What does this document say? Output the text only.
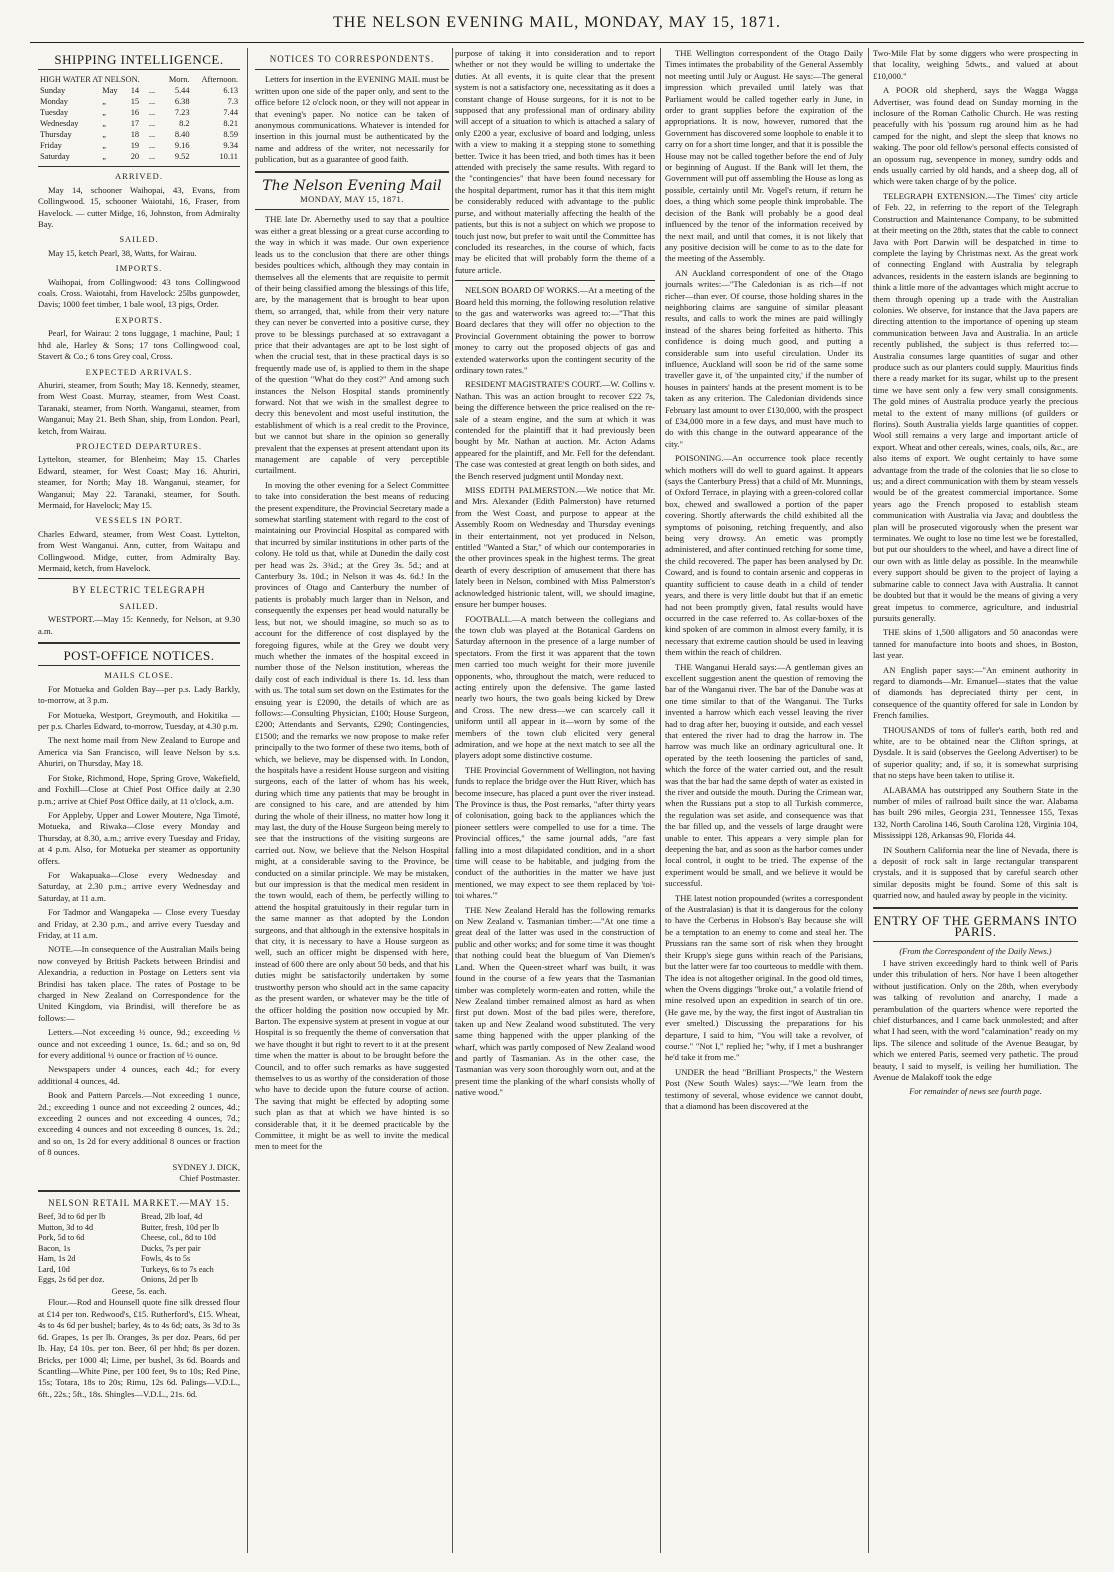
THE NELSON EVENING MAIL, MONDAY, MAY 15, 1871.
SHIPPING INTELLIGENCE.
HIGH WATER AT NELSON.				Morn.	Afternoon.
Sunday	May	14	...	5.44	6.13
Monday	„	15	...	6.38	7.3
Tuesday	„	16	...	7.23	7.44
Wednesday	„	17	...	8.2	8.21
Thursday	„	18	...	8.40	8.59
Friday	„	19	...	9.16	9.34
Saturday	„	20	...	9.52	10.11
ARRIVED.

May 14, schooner Waihopai, 43, Evans, from Collingwood. 15, schooner Waiotahi, 16, Fraser, from Havelock. — cutter Midge, 16, Johnston, from Admiralty Bay.

SAILED.

May 15, ketch Pearl, 38, Watts, for Wairau.

IMPORTS.

Waihopai, from Collingwood: 43 tons Collingwood coals. Cross. Waiotahi, from Havelock: 25lbs gunpowder, Davis; 1000 feet timber, 1 bale wool, 13 pigs, Order.

EXPORTS.

Pearl, for Wairau: 2 tons luggage, 1 machine, Paul; 1 hhd ale, Harley & Sons; 17 tons Collingwood coal, Stavert & Co.; 6 tons Grey coal, Cross.

EXPECTED ARRIVALS.

Ahuriri, steamer, from South; May 18. Kennedy, steamer, from West Coast. Murray, steamer, from West Coast. Taranaki, steamer, from North. Wanganui, steamer, from Wanganui; May 21. Beth Shan, ship, from London. Pearl, ketch, from Wairau.

PROJECTED DEPARTURES.

Lyttelton, steamer, for Blenheim; May 15. Charles Edward, steamer, for West Coast; May 16. Ahuriri, steamer, for North; May 18. Wanganui, steamer, for Wanganui; May 22. Taranaki, steamer, for South. Mermaid, for Havelock; May 15.

VESSELS IN PORT.

Charles Edward, steamer, from West Coast. Lyttelton, from West Wanganui. Ann, cutter, from Waitapu and Collingwood. Midge, cutter, from Admiralty Bay. Mermaid, ketch, from Havelock.

BY ELECTRIC TELEGRAPH
SAILED.

WESTPORT.—May 15: Kennedy, for Nelson, at 9.30 a.m.

POST-OFFICE NOTICES.
MAILS CLOSE.

For Motueka and Golden Bay—per p.s. Lady Barkly, to-morrow, at 3 p.m.

For Motueka, Westport, Greymouth, and Hokitika — per p.s. Charles Edward, to-morrow, Tuesday, at 4.30 p.m.

The next home mail from New Zealand to Europe and America via San Francisco, will leave Nelson by s.s. Ahuriri, on Thursday, May 18.

For Stoke, Richmond, Hope, Spring Grove, Wakefield, and Foxhill—Close at Chief Post Office daily at 2.30 p.m.; arrive at Chief Post Office daily, at 11 o'clock, a.m.

For Appleby, Upper and Lower Moutere, Nga Timoté, Motueka, and Riwaka—Close every Monday and Thursday, at 8.30, a.m.; arrive every Tuesday and Friday, at 4 p.m. Also, for Motueka per steamer as opportunity offers.

For Wakapuaka—Close every Wednesday and Saturday, at 2.30 p.m.; arrive every Wednesday and Saturday, at 11 a.m.

For Tadmor and Wangapeka — Close every Tuesday and Friday, at 2.30 p.m., and arrive every Tuesday and Friday, at 11 a.m.

NOTE.—In consequence of the Australian Mails being now conveyed by British Packets between Brindisi and Alexandria, a reduction in Postage on Letters sent via Brindisi has taken place. The rates of Postage to be charged in New Zealand on Correspondence for the United Kingdom, via Brindisi, will therefore be as follows:—

Letters.—Not exceeding ½ ounce, 9d.; exceeding ½ ounce and not exceeding 1 ounce, 1s. 6d.; and so on, 9d for every additional ½ ounce or fraction of ½ ounce.

Newspapers under 4 ounces, each 4d.; for every additional 4 ounces, 4d.

Book and Pattern Parcels.—Not exceeding 1 ounce, 2d.; exceeding 1 ounce and not exceeding 2 ounces, 4d.; exceeding 2 ounces and not exceeding 4 ounces, 7d.; exceeding 4 ounces and not exceeding 8 ounces, 1s. 2d.; and so on, 1s 2d for every additional 8 ounces or fraction of 8 ounces.

SYDNEY J. DICK,
Chief Postmaster.
NELSON RETAIL MARKET.—MAY 15.
Beef, 3d to 6d per lb
Mutton, 3d to 4d
Pork, 5d to 6d
Bacon, 1s
Ham, 1s 2d
Lard, 10d
Eggs, 2s 6d per doz.
Bread, 2lb loaf, 4d
Butter, fresh, 10d per lb
Cheese, col., 8d to 10d
Ducks, 7s per pair
Fowls, 4s to 5s
Turkeys, 6s to 7s each
Onions, 2d per lb
Geese, 5s. each.

Flour.—Rod and Hounsell quote fine silk dressed flour at £14 per ton. Redwood's, £15. Rutherford's, £15. Wheat, 4s to 4s 6d per bushel; barley, 4s to 4s 6d; oats, 3s 3d to 3s 6d. Grapes, 1s per lb. Oranges, 3s per doz. Pears, 6d per lb. Hay, £4 10s. per ton. Beer, 6l per hhd; 8s per dozen. Bricks, per 1000 4l; Lime, per bushel, 3s 6d. Boards and Scantling—White Pine, per 100 feet, 9s to 10s; Red Pine, 15s; Totara, 18s to 20s; Rimu, 12s 6d. Palings—V.D.L., 6ft., 22s.; 5ft., 18s. Shingles—V.D.L., 21s. 6d.

NOTICES TO CORRESPONDENTS.

Letters for insertion in the EVENING MAIL must be written upon one side of the paper only, and sent to the office before 12 o'clock noon, or they will not appear in that evening's paper. No notice can be taken of anonymous communications. Whatever is intended for insertion in this journal must be authenticated by the name and address of the writer, not necessarily for publication, but as a guarantee of good faith.

The Nelson Evening Mail
MONDAY, MAY 15, 1871.

THE late Dr. Abernethy used to say that a poultice was either a great blessing or a great curse according to the way in which it was made. Our own experience leads us to the conclusion that there are other things besides poultices which, although they may contain in themselves all the elements that are requisite to permit of their being classified among the blessings of this life, are, by the management that is brought to bear upon them, so arranged, that, while from their very nature they can never be converted into a positive curse, they prove to be blessings purchased at so extravagant a price that their advantages are apt to be lost sight of when the crucial test, that in these practical days is so frequently made use of, is applied to them in the shape of the question "What do they cost?" And among such instances the Nelson Hospital stands prominently forward. Not that we wish in the smallest degree to decry this benevolent and most useful institution, the establishment of which is a real credit to the Province, but we cannot but share in the opinion so generally prevalent that the expenses at present attendant upon its management are capable of very perceptible curtailment.

In moving the other evening for a Select Committee to take into consideration the best means of reducing the present expenditure, the Provincial Secretary made a somewhat startling statement with regard to the cost of maintaining our Provincial Hospital as compared with that incurred by similar institutions in other parts of the colony. He told us that, while at Dunedin the daily cost per head was 2s. 3¾d.; at the Grey 3s. 5d.; and at Canterbury 3s. 10d.; in Nelson it was 4s. 6d.! In the provinces of Otago and Canterbury the number of patients is probably much larger than in Nelson, and consequently the expenses per head would naturally be less, but not, we should imagine, so much so as to account for the difference of cost displayed by the foregoing figures, while at the Grey we doubt very much whether the inmates of the hospital exceed in number those of the Nelson institution, whereas the daily cost of each individual is there 1s. 1d. less than with us. The total sum set down on the Estimates for the ensuing year is £2090, the details of which are as follows:—Consulting Physician, £100; House Surgeon, £200; Attendants and Servants, £290; Contingencies, £1500; and the remarks we now propose to make refer principally to the two former of these two items, both of which, we believe, may be dispensed with. In London, the hospitals have a resident House surgeon and visiting surgeons, each of the latter of whom has his week, during which time any patients that may be brought in are consigned to his care, and are attended by him during the whole of their illness, no matter how long it may last, the duty of the House Surgeon being merely to see that the instructions of the visiting surgeons are carried out. Now, we believe that the Nelson Hospital might, at a considerable saving to the Province, be conducted on a similar principle. We may be mistaken, but our impression is that the medical men resident in the town would, each of them, be perfectly willing to attend the hospital gratuitously in their regular turn in the same manner as that adopted by the London surgeons, and that although in the extensive hospitals in that city, it is necessary to have a House surgeon as well, such an officer might be dispensed with here, instead of 600 there are only about 50 beds, and that his duties might be satisfactorily undertaken by some trustworthy person who should act in the same capacity as the present warden, or whatever may be the title of the officer holding the position now occupied by Mr. Barton. The expensive system at present in vogue at our Hospital is so frequently the theme of conversation that we have thought it but right to revert to it at the present time when the matter is about to be brought before the Council, and to offer such remarks as have suggested themselves to us as worthy of the consideration of those who have to decide upon the future course of action. The saving that might be effected by adopting some such plan as that at which we have hinted is so considerable that, it it be deemed practicable by the Committee, it might be as well to invite the medical men to meet for the

purpose of taking it into consideration and to report whether or not they would be willing to undertake the duties. At all events, it is quite clear that the present system is not a satisfactory one, necessitating as it does a constant change of House surgeons, for it is not to be supposed that any professional man of ordinary ability will accept of a situation to which is attached a salary of only £200 a year, exclusive of board and lodging, unless with a view to making it a stepping stone to something better. Twice it has been tried, and both times has it been attended with precisely the same results. With regard to the "contingencies" that have been found necessary for the hospital department, rumor has it that this item might be considerably reduced with advantage to the public purse, and without materially affecting the health of the patients, but this is not a subject on which we propose to touch just now, but prefer to wait until the Committee has concluded its researches, in the course of which, facts may be elicited that will probably form the theme of a future article.

NELSON BOARD OF WORKS.—At a meeting of the Board held this morning, the following resolution relative to the gas and waterworks was agreed to:—"That this Board declares that they will offer no objection to the Provincial Government obtaining the power to borrow money to carry out the proposed objects of gas and extended waterworks upon the contingent security of the ordinary town rates."

RESIDENT MAGISTRATE'S COURT.—W. Collins v. Nathan. This was an action brought to recover £22 7s, being the difference between the price realised on the re-sale of a steam engine, and the sum at which it was contended for the plaintiff that it had previously been bought by Mr. Nathan at auction. Mr. Acton Adams appeared for the plaintiff, and Mr. Fell for the defendant. The case was contested at great length on both sides, and the Bench reserved judgment until Monday next.

MISS EDITH PALMERSTON.—We notice that Mr. and Mrs. Alexander (Edith Palmerston) have returned from the West Coast, and purpose to appear at the Assembly Room on Wednesday and Thursday evenings in their entertainment, not yet produced in Nelson, entitled "Wanted a Star," of which our contemporaries in the other provinces speak in the highest terms. The great dearth of every description of amusement that there has lately been in Nelson, combined with Miss Palmerston's acknowledged histrionic talent, will, we should imagine, ensure her bumper houses.

FOOTBALL.—A match between the collegians and the town club was played at the Botanical Gardens on Saturday afternoon in the presence of a large number of spectators. From the first it was apparent that the town men carried too much weight for their more juvenile opponents, who, throughout the match, were reduced to acting entirely upon the defensive. The game lasted nearly two hours, the two goals being kicked by Drew and Cross. The new dress—we can scarcely call it uniform until all appear in it—worn by some of the members of the town club elicited very general admiration, and we hope at the next match to see all the players adopt some distinctive costume.

THE Provincial Government of Wellington, not having funds to replace the bridge over the Hutt River, which has become insecure, has placed a punt over the river instead. The Province is thus, the Post remarks, "after thirty years of colonisation, going back to the appliances which the pioneer settlers were compelled to use for a time. The Provincial offices," the same journal adds, "are fast falling into a most dilapidated condition, and in a short time will cease to be habitable, and judging from the conduct of the authorities in the matter we have just mentioned, we may expect to see them replaced by 'toi-toi whares.'"

THE New Zealand Herald has the following remarks on New Zealand v. Tasmanian timber:—"At one time a great deal of the latter was used in the construction of public and other works; and for some time it was thought that nothing could beat the bluegum of Van Diemen's Land. When the Queen-street wharf was built, it was found in the course of a few years that the Tasmanian timber was completely worm-eaten and rotten, while the New Zealand timber remained almost as hard as when first put down. Most of the bad piles were, therefore, taken up and New Zealand wood substituted. The very same thing happened with the upper planking of the wharf, which was partly composed of New Zealand wood and partly of Tasmanian. As in the other case, the Tasmanian was very soon thoroughly worn out, and at the present time the planking of the wharf consists wholly of native wood."

THE Wellington correspondent of the Otago Daily Times intimates the probability of the General Assembly not meeting until July or August. He says:—The general impression which prevailed until lately was that Parliament would be called together early in June, in order to grant supplies before the expiration of the appropriations. It is now, however, rumored that the Government has discovered some loophole to enable it to carry on for a short time longer, and that it is possible the House may not be called together before the end of July or beginning of August. If the Bank will let them, the Government will put off assembling the House as long as possible, certainly until Mr. Vogel's return, if return he does, a thing which some people think improbable. The decision of the Bank will probably be a good deal influenced by the tenor of the information received by the next mail, and until that comes, it is not likely that any positive decision will be come to as to the date for the meeting of the Assembly.

AN Auckland correspondent of one of the Otago journals writes:—"The Caledonian is as rich—if not richer—than ever. Of course, those holding shares in the neighboring claims are sanguine of similar pleasant results, and calls to work the mines are paid willingly instead of the shares being forfeited as hitherto. This confidence is doing much good, and putting a considerable sum into useful circulation. Under its influence, Auckland will soon be rid of the same some traveller gave it, of 'the unpainted city,' if the number of houses in painters' hands at the present moment is to be taken as any criterion. The Caledonian dividends since February last amount to over £130,000, with the prospect of £34,000 more in a few days, and must have much to do with this change in the outward appearance of the city."

POISONING.—An occurrence took place recently which mothers will do well to guard against. It appears (says the Canterbury Press) that a child of Mr. Munnings, of Oxford Terrace, in playing with a green-colored collar box, chewed and swallowed a portion of the paper covering. Shortly afterwards the child exhibited all the symptoms of poisoning, retching frequently, and also being very drowsy. An emetic was promptly administered, and after continued retching for some time, the child recovered. The paper has been analysed by Dr. Coward, and is found to contain arsenic and copperas in quantity sufficient to cause death in a child of tender years, and there is very little doubt but that if an emetic had not been promptly given, fatal results would have occurred in the case referred to. As collar-boxes of the kind spoken of are common in almost every family, it is necessary that extreme caution should be used in leaving them within the reach of children.

THE Wanganui Herald says:—A gentleman gives an excellent suggestion anent the question of removing the bar of the Wanganui river. The bar of the Danube was at one time similar to that of the Wanganui. The Turks invented a harrow which each vessel leaving the river had to drag after her, buoying it outside, and each vessel that entered the river had to drag the harrow in. The harrow was much like an ordinary agricultural one. It operated by the teeth loosening the particles of sand, which the force of the water carried out, and the result was that the bar had the same depth of water as existed in the river and outside the mouth. During the Crimean war, when the Russians put a stop to all Turkish commerce, the regulation was set aside, and consequence was that the bar filled up, and the vessels of large draught were unable to enter. This appears a very simple plan for deepening the bar, and as soon as the harbor comes under local control, it ought to be tried. The expense of the experiment would be small, and we believe it would be successful.

THE latest notion propounded (writes a correspondent of the Australasian) is that it is dangerous for the colony to have the Cerberus in Hobson's Bay because she will be a temptation to an enemy to come and steal her. The Prussians ran the same sort of risk when they brought their Krupp's siege guns within reach of the Parisians, but the latter were far too courteous to meddle with them. The idea is not altogether original. In the good old times, when the Ovens diggings "broke out," a volatile friend of mine resolved upon an expedition in search of tin ore. (He gave me, by the way, the first ingot of Australian tin ever smelted.) Discussing the preparations for his departure, I said to him, "You will take a revolver, of course." "Not I," replied he; "why, if I met a bushranger he'd take it from me."

UNDER the head "Brilliant Prospects," the Western Post (New South Wales) says:—"We learn from the testimony of several, whose evidence we cannot doubt, that a diamond has been discovered at the

Two-Mile Flat by some diggers who were prospecting in that locality, weighing 5dwts., and valued at about £10,000."

A POOR old shepherd, says the Wagga Wagga Advertiser, was found dead on Sunday morning in the inclosure of the Roman Catholic Church. He was resting peacefully with his 'possum rug around him as he had camped for the night, and slept the sleep that knows no waking. The poor old fellow's personal effects consisted of an opossum rug, sevenpence in money, sundry odds and ends usually carried by old hands, and a sheep dog, all of which were taken charge of by the police.

TELEGRAPH EXTENSION.—The Times' city article of Feb. 22, in referring to the report of the Telegraph Construction and Maintenance Company, to be submitted at their meeting on the 28th, states that the cable to connect Java with Port Darwin will be despatched in time to complete the laying by Christmas next. As the great work of connecting England with Australia by telegraph advances, residents in the eastern islands are beginning to think a little more of the advantages which might accrue to them through opening up a trade with the Australian colonies. We observe, for instance that the Java papers are directing attention to the importance of opening up steam communication between Java and Australia. In an article recently published, the subject is thus referred to:—Australia consumes large quantities of sugar and other produce such as our planters could supply. Mauritius finds there a ready market for its sugar, whilst up to the present time we have sent only a few very small consignments. The gold mines of Australia produce yearly the precious metal to the extent of many millions (of guilders or florins). South Australia yields large quantities of copper. Wool still remains a very large and important article of export. Wheat and other cereals, wines, coals, oils, &c., are also items of export. We ought certainly to have some advantage from the trade of the colonies that lie so close to us; and a direct communication with them by steam vessels would be of the greatest commercial importance. Some years ago the French proposed to establish steam communication with Australia via Java; and doubtless the plan will be prosecuted vigorously when the present war terminates. We ought to lose no time lest we be forestalled, but put our shoulders to the wheel, and have a direct line of our own with as little delay as possible. In the meanwhile every support should be given to the project of laying a submarine cable to connect Java with Australia. It cannot be doubted but that it would be the means of giving a very great impetus to commerce, agriculture, and industrial pursuits generally.

THE skins of 1,500 alligators and 50 anacondas were tanned for manufacture into boots and shoes, in Boston, last year.

AN English paper says:—"An eminent authority in regard to diamonds—Mr. Emanuel—states that the value of diamonds has depreciated thirty per cent, in consequence of the quantity offered for sale in London by French families.

THOUSANDS of tons of fuller's earth, both red and white, are to be obtained near the Clifton springs, at Dysdale. It is said (observes the Geelong Advertiser) to be of superior quality; and, if so, it is somewhat surprising that no steps have been taken to utilise it.

ALABAMA has outstripped any Southern State in the number of miles of railroad built since the war. Alabama has built 296 miles, Georgia 231, Tennessee 155, Texas 132, North Carolina 146, South Carolina 128, Virginia 104, Mississippi 128, Arkansas 90, Florida 44.

IN Southern California near the line of Nevada, there is a deposit of rock salt in large rectangular transparent crystals, and it is supposed that by careful search other similar deposits might be found. Some of this salt is quarried now, and hauled away by people in the vicinity.

ENTRY OF THE GERMANS INTO PARIS.
(From the Correspondent of the Daily News.)

I have striven exceedingly hard to think well of Paris under this tribulation of hers. Nor have I been altogether without justification. Only on the 28th, when everybody was talking of revolution and anarchy, I made a perambulation of the quarters whence were reported the chief disturbances, and I came back unmolested; and after what I had seen, with the word "calamination" ready on my lips. The silence and solitude of the Avenue Beaugar, by which we entered Paris, seemed very pathetic. The proud beauty, I said to myself, is veiling her humiliation. The Avenue de Malakoff took the edge

For remainder of news see fourth page.
